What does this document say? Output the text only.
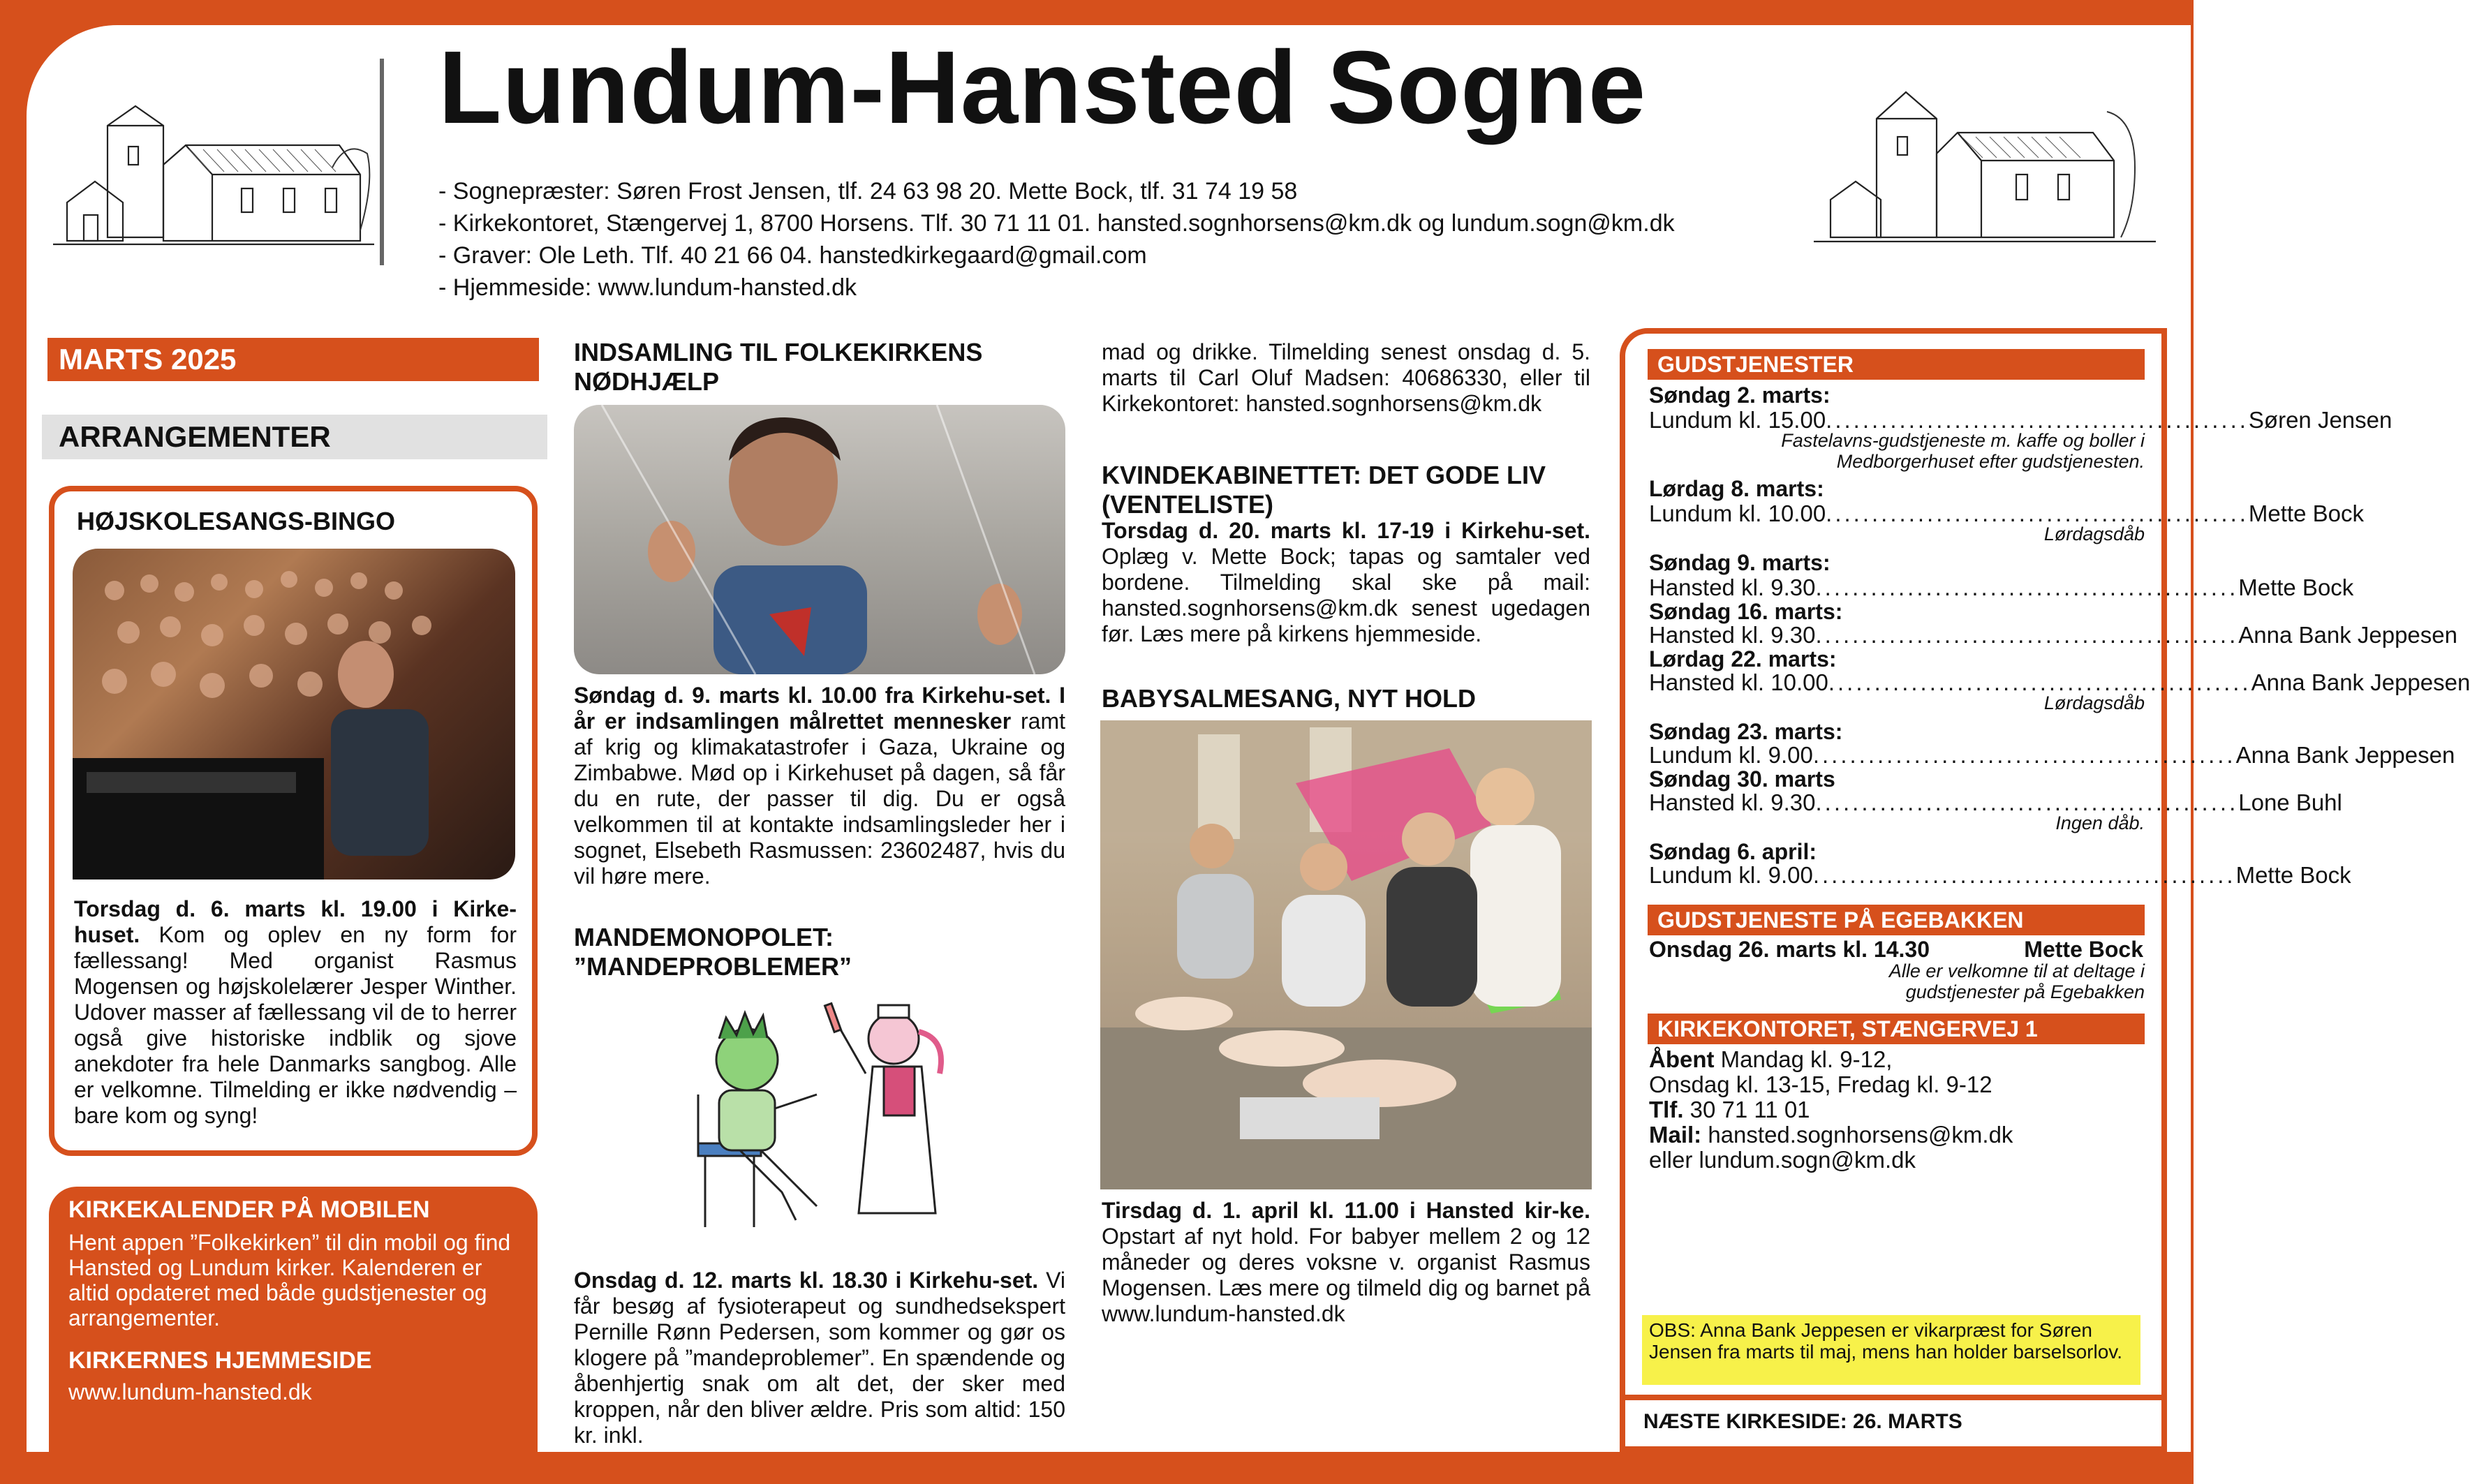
Lundum-Hansted Sogne
- Sognepræster: Søren Frost Jensen, tlf. 24 63 98 20. Mette Bock, tlf. 31 74 19 58
- Kirkekontoret, Stængervej 1, 8700 Horsens. Tlf. 30 71 11 01. hansted.sognhorsens@km.dk og lundum.sogn@km.dk
- Graver: Ole Leth. Tlf. 40 21 66 04. hanstedkirkegaard@gmail.com
- Hjemmeside: www.lundum-hansted.dk
MARTS 2025
ARRANGEMENTER
HØJSKOLESANGS-BINGO
Torsdag d. 6. marts kl. 19.00 i Kirke-huset. Kom og oplev en ny form for fællessang! Med organist Rasmus Mogensen og højskolelærer Jesper Winther. Udover masser af fællessang vil de to herrer også give historiske indblik og sjove anekdoter fra hele Danmarks sangbog. Alle er velkomne. Tilmelding er ikke nødvendig – bare kom og syng!
KIRKEKALENDER PÅ MOBILEN
Hent appen ”Folkekirken” til din mobil og find Hansted og Lundum kirker. Kalenderen er altid opdateret med både gudstjenester og arrangementer.
KIRKERNES HJEMMESIDE
www.lundum-hansted.dk
INDSAMLING TIL FOLKEKIRKENS NØDHJÆLP
Søndag d. 9. marts kl. 10.00 fra Kirkehu-set. I år er indsamlingen målrettet mennesker ramt af krig og klimakatastrofer i Gaza, Ukraine og Zimbabwe. Mød op i Kirkehuset på dagen, så får du en rute, der passer til dig. Du er også velkommen til at kontakte indsamlingsleder her i sognet, Elsebeth Rasmussen: 23602487, hvis du vil høre mere.
MANDEMONOPOLET: ”MANDEPROBLEMER”
Onsdag d. 12. marts kl. 18.30 i Kirkehu-set. Vi får besøg af fysioterapeut og sundhedsekspert Pernille Rønn Pedersen, som kommer og gør os klogere på ”mandeproblemer”. En spændende og åbenhjertig snak om alt det, der sker med kroppen, når den bliver ældre. Pris som altid: 150 kr. inkl.
mad og drikke. Tilmelding senest onsdag d. 5. marts til Carl Oluf Madsen: 40686330, eller til Kirkekontoret: hansted.sognhorsens@km.dk
KVINDEKABINETTET: DET GODE LIV (VENTELISTE)
Torsdag d. 20. marts kl. 17-19 i Kirkehu-set. Oplæg v. Mette Bock; tapas og samtaler ved bordene. Tilmelding skal ske på mail: hansted.sognhorsens@km.dk senest ugedagen før. Læs mere på kirkens hjemmeside.
BABYSALMESANG, NYT HOLD
Tirsdag d. 1. april kl. 11.00 i Hansted kir-ke. Opstart af nyt hold. For babyer mellem 2 og 12 måneder og deres voksne v. organist Rasmus Mogensen. Læs mere og tilmeld dig og barnet på www.lundum-hansted.dk
GUDSTJENESTER
Søndag 2. marts:
Lundum kl. 15.00 .............................................. Søren Jensen
Fastelavns-gudstjeneste m. kaffe og boller i Medborgerhuset efter gudstjenesten.
Lørdag 8. marts:
Lundum kl. 10.00 .............................................. Mette Bock
Lørdagsdåb
Søndag 9. marts:
Hansted kl. 9.30 .............................................. Mette Bock
Søndag 16. marts:
Hansted kl. 9.30 .............................................. Anna Bank Jeppesen
Lørdag 22. marts:
Hansted kl. 10.00 .............................................. Anna Bank Jeppesen
Lørdagsdåb
Søndag 23. marts:
Lundum kl. 9.00 .............................................. Anna Bank Jeppesen
Søndag 30. marts
Hansted kl. 9.30 .............................................. Lone Buhl
Ingen dåb.
Søndag 6. april:
Lundum kl. 9.00 .............................................. Mette Bock
GUDSTJENESTE PÅ EGEBAKKEN
Onsdag 26. marts kl. 14.30	Mette Bock
Alle er velkomne til at deltage i gudstjenester på Egebakken
KIRKEKONTORET, STÆNGERVEJ 1
Åbent Mandag kl. 9-12,
Onsdag kl. 13-15, Fredag kl. 9-12
Tlf. 30 71 11 01
Mail: hansted.sognhorsens@km.dk
eller lundum.sogn@km.dk
OBS: Anna Bank Jeppesen er vikarpræst for Søren Jensen fra marts til maj, mens han holder barselsorlov.
NÆSTE KIRKESIDE: 26. MARTS
